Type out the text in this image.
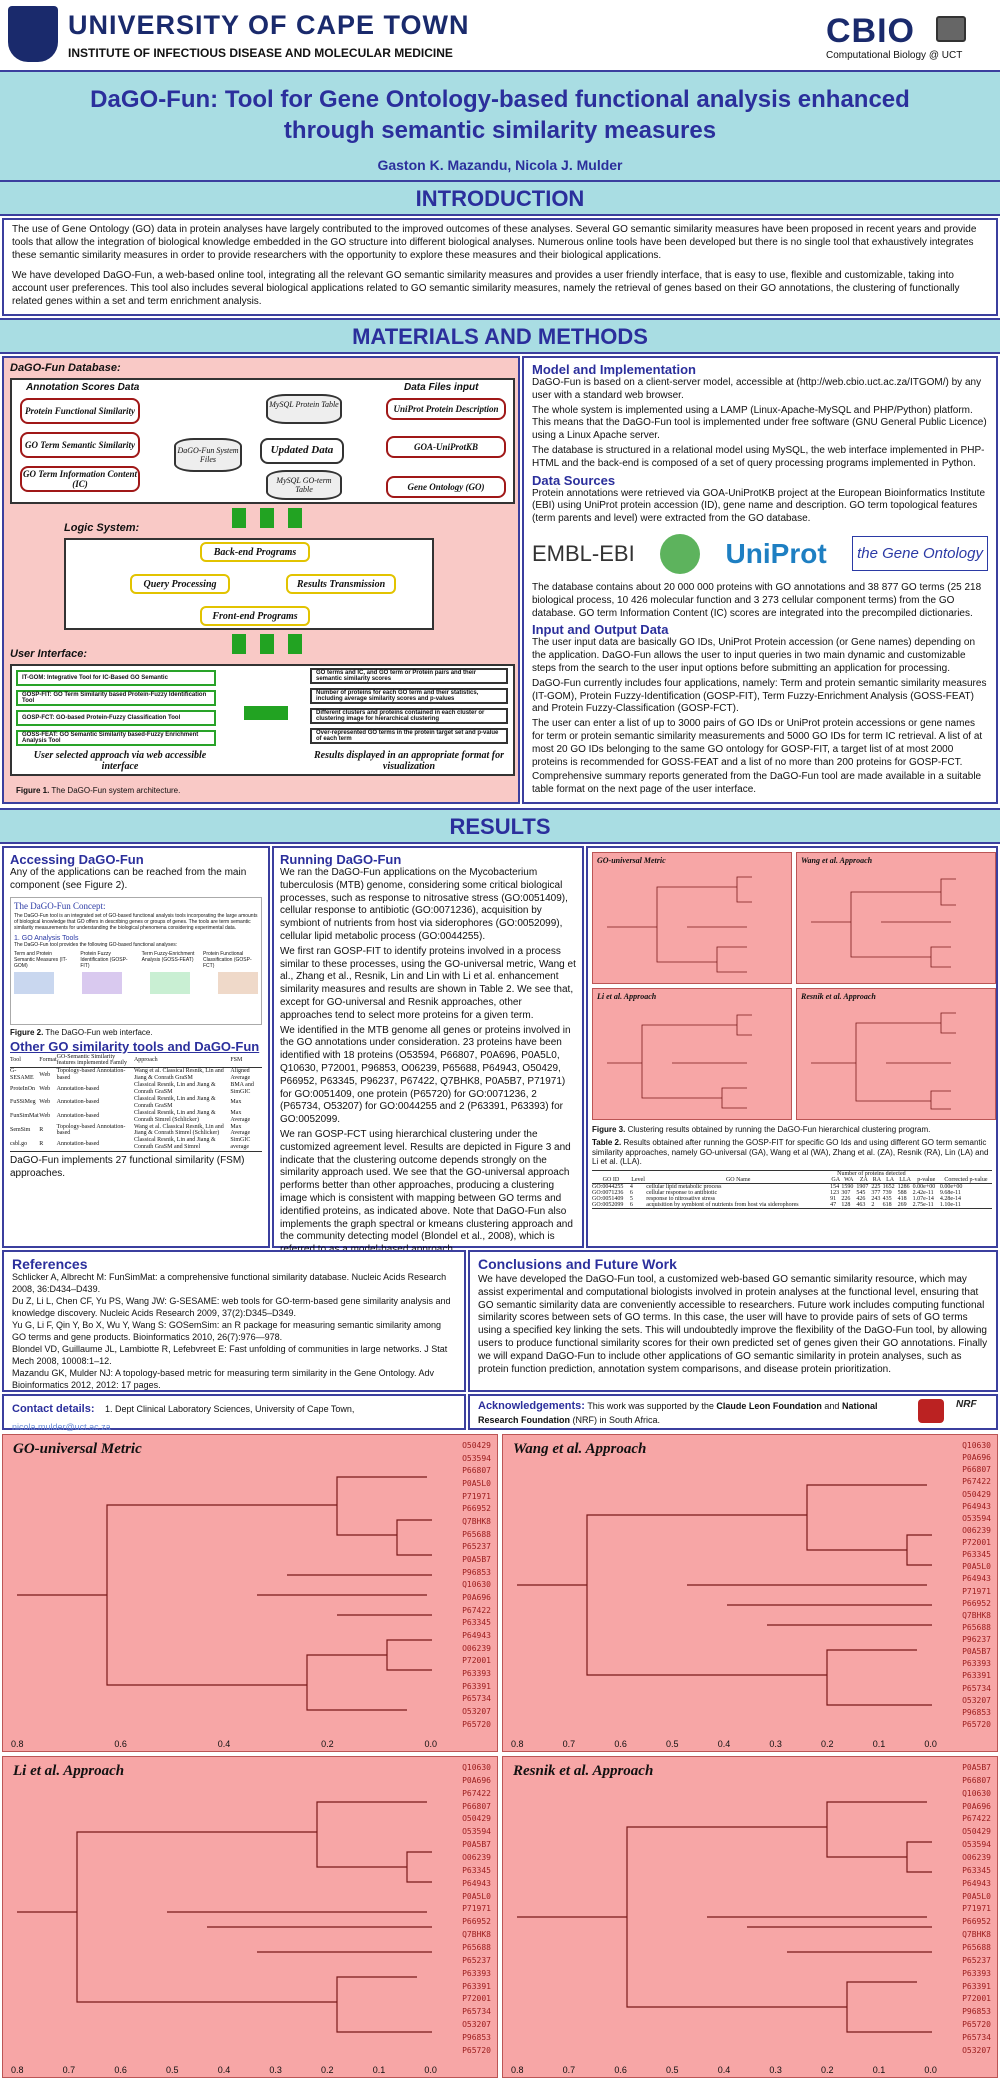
UNIVERSITY OF CAPE TOWN
INSTITUTE OF INFECTIOUS DISEASE AND MOLECULAR MEDICINE
CBIO
Computational Biology @ UCT
DaGO-Fun: Tool for Gene Ontology-based functional analysis enhanced
through semantic similarity measures
Gaston K. Mazandu, Nicola J. Mulder
INTRODUCTION

The use of Gene Ontology (GO) data in protein analyses have largely contributed to the improved outcomes of these analyses. Several GO semantic similarity measures have been proposed in recent years and provide tools that allow the integration of biological knowledge embedded in the GO structure into different biological analyses. Numerous online tools have been developed but there is no single tool that exhaustively integrates these semantic similarity measures in order to provide researchers with the opportunity to explore these measures and their biological applications.

We have developed DaGO-Fun, a web-based online tool, integrating all the relevant GO semantic similarity measures and provides a user friendly interface, that is easy to use, flexible and customizable, taking into account user preferences. This tool also includes several biological applications related to GO semantic similarity measures, namely the retrieval of genes based on their GO annotations, the clustering of functionally related genes within a set and term enrichment analysis.

MATERIALS AND METHODS
DaGO-Fun Database:
Annotation Scores Data	Data Files input
Protein Functional Similarity
GO Term Semantic Similarity
GO Term Information Content (IC)
DaGO-Fun System Files
MySQL Protein Table
Updated Data
MySQL GO-term Table
UniProt Protein Description
GOA-UniProtKB
Gene Ontology (GO)
Logic System:
Back-end Programs
Query Processing	Results Transmission
Front-end Programs
User Interface:
IT-GOM: Integrative Tool for IC-Based GO Semantic
GOSP-FIT: GO Term Similarity based Protein-Fuzzy Identification Tool
GOSP-FCT: GO-based Protein-Fuzzy Classification Tool
GOSS-FEAT: GO Semantic Similarity based-Fuzzy Enrichment Analysis Tool
GO terms and IC, and GO term or Protein pairs and their semantic similarity scores
Number of proteins for each GO term and their statistics, including average similarity scores and p-values
Different clusters and proteins contained in each cluster or clustering image for hierarchical clustering
Over-represented GO terms in the protein target set and p-value of each term
User selected approach via web accessible interface
Results displayed in an appropriate format for visualization
Figure 1. The DaGO-Fun system architecture.
Model and Implementation
DaGO-Fun is based on a client-server model, accessible at (http://web.cbio.uct.ac.za/ITGOM/) by any user with a standard web browser.
The whole system is implemented using a LAMP (Linux-Apache-MySQL and PHP/Python) platform. This means that the DaGO-Fun tool is implemented under free software (GNU General Public Licence) using a Linux Apache server.
The database is structured in a relational model using MySQL, the web interface implemented in PHP-HTML and the back-end is composed of a set of query processing programs implemented in Python.
Data Sources
Protein annotations were retrieved via GOA-UniProtKB project at the European Bioinformatics Institute (EBI) using UniProt protein accession (ID), gene name and description. GO term topological features (term parents and level) were extracted from the GO database.
EMBL-EBI	UniProt	the Gene Ontology
The database contains about 20 000 000 proteins with GO annotations and 38 877 GO terms (25 218 biological process, 10 426 molecular function and 3 273 cellular component terms) from the GO database. GO term Information Content (IC) scores are integrated into the precompiled dictionaries.
Input and Output Data
The user input data are basically GO IDs, UniProt Protein accession (or Gene names) depending on the application. DaGO-Fun allows the user to input queries in two main dynamic and customizable steps from the search to the user input options before submitting an application for processing.
DaGO-Fun currently includes four applications, namely: Term and protein semantic similarity measures (IT-GOM), Protein Fuzzy-Identification (GOSP-FIT), Term Fuzzy-Enrichment Analysis (GOSS-FEAT) and Protein Fuzzy-Classification (GOSP-FCT).
The user can enter a list of up to 3000 pairs of GO IDs or UniProt protein accessions or gene names for term or protein semantic similarity measurements and 5000 GO IDs for term IC retrieval. A list of at most 20 GO IDs belonging to the same GO ontology for GOSP-FIT, a target list of at most 2000 proteins is recommended for GOSS-FEAT and a list of no more than 200 proteins for GOSP-FCT.
Comprehensive summary reports generated from the DaGO-Fun tool are made available in a suitable table format on the next page of the user interface.
RESULTS
Accessing DaGO-Fun

Any of the applications can be reached from the main component (see Figure 2).

The DaGO-Fun Concept:
The DaGO-Fun tool is an integrated set of GO-based functional analysis tools incorporating the large amounts of biological knowledge that GO offers in describing genes or groups of genes. The tools are term semantic similarity measurements for understanding the biological phenomena considering experimental data.
1. GO Analysis Tools
The DaGO-Fun tool provides the following GO-based functional analyses:
Term and Protein Semantic Measures (IT-GOM)
Protein Fuzzy Identification (GOSP-FIT)
Term Fuzzy-Enrichment Analysis (GOSS-FEAT)
Protein Functional Classification (GOSP-FCT)
Figure 2. The DaGO-Fun web interface.
Other GO similarity tools and DaGO-Fun
Tool	Format	GO-Semantic Similarity features implemented Family	Approach	FSM
G-SESAME	Web	Topology-based Annotation-based	Wang et al. Classical Resnik, Lin and Jiang & Conrath GraSM	Aligned Average
ProteInOn	Web	Annotation-based	Classical Resnik, Lin and Jiang & Conrath GraSM	BMA and SimGIC
FuSSiMeg	Web	Annotation-based	Classical Resnik, Lin and Jiang & Conrath GraSM	Max
FunSimMat	Web	Annotation-based	Classical Resnik, Lin and Jiang & Conrath Simrel (Schlicker)	Max Average
SemSim	R	Topology-based Annotation-based	Wang et al. Classical Resnik, Lin and Jiang & Conrath Simrel (Schlicker)	Max Average
csbl.go	R	Annotation-based	Classical Resnik, Lin and Jiang & Conrath GraSM and Simrel	SimGIC average
DaGO-Fun implements 27 functional similarity (FSM) approaches.
Running DaGO-Fun
We ran the DaGO-Fun applications on the Mycobacterium tuberculosis (MTB) genome, considering some critical biological processes, such as response to nitrosative stress (GO:0051409), cellular response to antibiotic (GO:0071236), acquisition by symbiont of nutrients from host via siderophores (GO:0052099), cellular lipid metabolic process (GO:0044255).
We first ran GOSP-FIT to identify proteins involved in a process similar to these processes, using the GO-universal metric, Wang et al., Zhang et al., Resnik, Lin and Lin with Li et al. enhancement similarity measures and results are shown in Table 2. We see that, except for GO-universal and Resnik approaches, other approaches tend to select more proteins for a given term.
We identified in the MTB genome all genes or proteins involved in the GO annotations under consideration. 23 proteins have been identified with 18 proteins (O53594, P66807, P0A696, P0A5L0, Q10630, P72001, P96853, O06239, P65688, P64943, O50429, P66952, P63345, P96237, P67422, Q7BHK8, P0A5B7, P71971) for GO:0051409, one protein (P65720) for GO:0071236, 2 (P65734, O53207) for GO:0044255 and 2 (P63391, P63393) for GO:0052099.
We ran GOSP-FCT using hierarchical clustering under the customized agreement level. Results are depicted in Figure 3 and indicate that the clustering outcome depends strongly on the similarity approach used. We see that the GO-universal approach performs better than other approaches, producing a clustering image which is consistent with mapping between GO terms and identified proteins, as indicated above. Note that DaGO-Fun also implements the graph spectral or kmeans clustering approach and the community detecting model (Blondel et al., 2008), which is
GO-universal Metric	Wang et al. Approach
Li et al. Approach	Resnik et al. Approach
Figure 3. Clustering results obtained by running the DaGO-Fun hierarchical clustering program.
Table 2. Results obtained after running the GOSP-FIT for specific GO Ids and using different GO term semantic similarity approaches, namely GO-universal (GA), Wang et al (WA), Zhang et al. (ZA), Resnik (RA), Lin (LA) and Li et al. (LLA).
			Number of proteins detected							
GO ID	Level	GO Name	GA	WA	ZA	RA	LA	LLA	p-value	Corrected p-value
GO:0044255	4	cellular lipid metabolic process	154	1590	1907	225	1652	1286	0.00e+00	0.00e+00
GO:0071236	6	cellular response to antibiotic	123	307	545	377	739	588	2.42e-11	9.68e-11
GO:0051409	5	response to nitrosative stress	91	226	426	243	435	418	1.07e-14	4.28e-14
GO:0052099	6	acquisition by symbiont of nutrients from host via siderophores	47	128	463	2	618	269	2.75e-11	1.10e-11
References
Schlicker A, Albrecht M: FunSimMat: a comprehensive functional similarity database. Nucleic Acids Research 2008, 36:D434–D439.
Du Z, Li L, Chen CF, Yu PS, Wang JW: G-SESAME: web tools for GO-term-based gene similarity analysis and knowledge discovery. Nucleic Acids Research 2009, 37(2):D345–D349.
Yu G, Li F, Qin Y, Bo X, Wu Y, Wang S: GOSemSim: an R package for measuring semantic similarity among GO terms and gene products. Bioinformatics 2010, 26(7):976—978.
Blondel VD, Guillaume JL, Lambiotte R, Lefebvreet E: Fast unfolding of communities in large networks. J Stat Mech 2008, 10008:1–12.
Mazandu GK, Mulder NJ: A topology-based metric for measuring term similarity in the Gene Ontology. Adv Bioinformatics 2012, 2012: 17 pages.
Conclusions and Future Work

We have developed the DaGO-Fun tool, a customized web-based GO semantic similarity resource, which may assist experimental and computational biologists involved in protein analyses at the functional level, ensuring that GO semantic similarity data are conveniently accessible to researchers. Future work includes computing functional similarity scores between sets of GO terms. In this case, the user will have to provide pairs of sets of GO terms using a specified key linking the sets. This will undoubtedly improve the flexibility of the DaGO-Fun tool, by allowing users to produce functional similarity scores for their own predicted set of genes given their GO annotations. Finally we will expand DaGO-Fun to include other applications of GO semantic similarity in protein analyses, such as protein function prediction, annotation system comparisons, and disease protein prioritization.

Contact details: 1. Dept Clinical Laboratory Sciences, University of Cape Town, nicola.mulder@uct.ac.za
Acknowledgements: This work was supported by the Claude Leon Foundation and National Research Foundation (NRF) in South Africa.
NRF
GO-universal Metric	O50429
O53594
P66807
P0A5L0
P71971
P66952
Q7BHK8
P65688
P65237
P0A5B7
P96853
Q10630
P0A696
P67422
P63345
P64943
O06239
P72001
P63393
P63391
P65734
O53207
P65720
0.8	0.6	0.4	0.2	0.0
Wang et al. Approach	Q10630
P0A696
P66807
P67422
O50429
P64943
O53594
O06239
P72001
P63345
P0A5L0
P64943
P71971
P66952
Q7BHK8
P65688
P96237
P0A5B7
P63393
P63391
P65734
O53207
P96853
P65720
0.8	0.7	0.6	0.5	0.4	0.3	0.2	0.1	0.0
Li et al. Approach	Q10630
P0A696
P67422
P66807
O50429
O53594
P0A5B7
O06239
P63345
P64943
P0A5L0
P71971
P66952
Q7BHK8
P65688
P65237
P63393
P63391
P72001
P65734
O53207
P96853
P65720
0.8	0.7	0.6	0.5	0.4	0.3	0.2	0.1	0.0
Resnik et al. Approach	P0A5B7
P66807
Q10630
P0A696
P67422
O50429
O53594
O06239
P63345
P64943
P0A5L0
P71971
P66952
Q7BHK8
P65688
P65237
P63393
P63391
P72001
P96853
P65720
P65734
O53207
0.8	0.7	0.6	0.5	0.4	0.3	0.2	0.1	0.0
